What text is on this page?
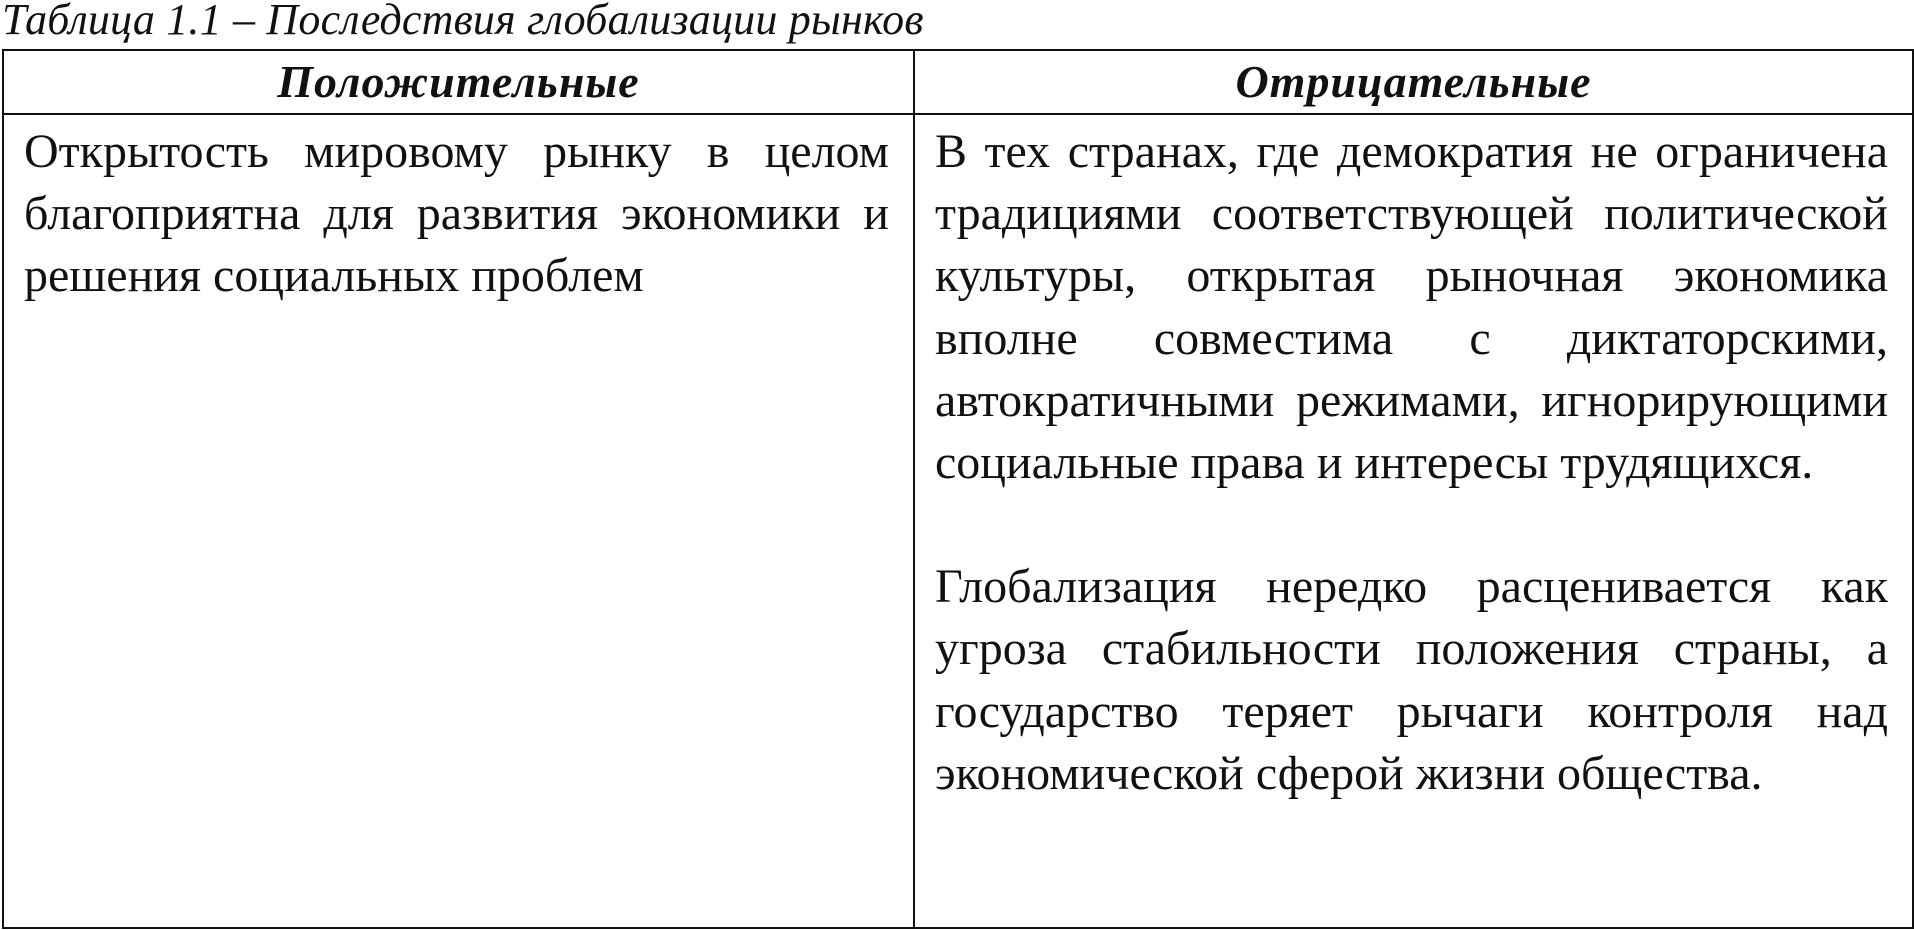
Таблица 1.1 – Последствия глобализации рынков

Положительные	Отрицательные

Открытость мировому рынку в целом благоприятна для развития экономики и решения социальных проблем	В тех странах, где демократия не ограничена традициями соответствующей политической культуры, открытая рыночная экономика вполне совместима с диктаторскими, автократичными режимами, игнорирующими социальные права и интересы трудящихся.

Глобализация нередко расценивается как угроза стабильности положения страны, а государство теряет рычаги контроля над экономической сферой жизни общества.
